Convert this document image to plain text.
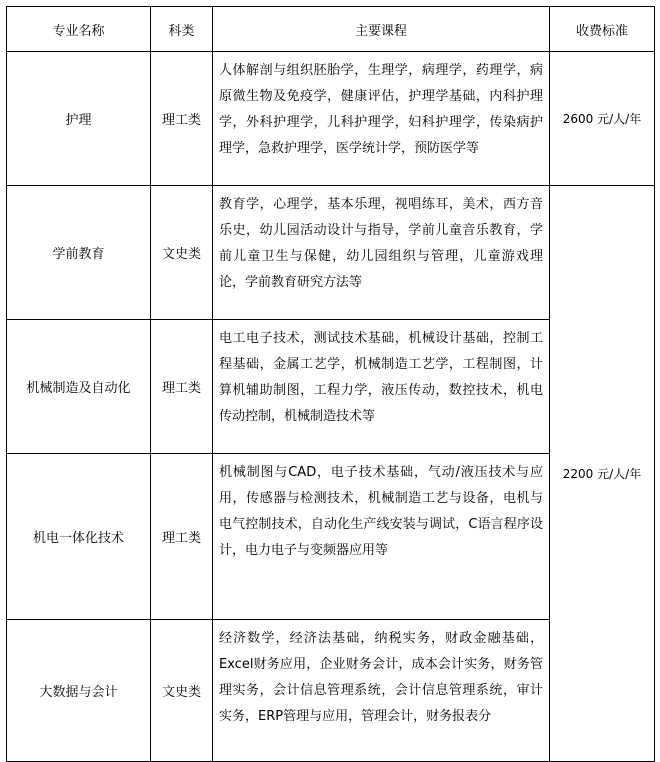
专业名称	科类	主要课程	收费标准
护理	理工类	人体解剖与组织胚胎学，生理学，病理学，药理学，病原微生物及免疫学，健康评估，护理学基础，内科护理学，外科护理学，儿科护理学，妇科护理学，传染病护理学，急救护理学，医学统计学，预防医学等	2600 元/人/年
学前教育	文史类	教育学，心理学，基本乐理，视唱练耳，美术，西方音乐史，幼儿园活动设计与指导，学前儿童音乐教育，学前儿童卫生与保健，幼儿园组织与管理，儿童游戏理论，学前教育研究方法等	2200 元/人/年
机械制造及自动化	理工类	电工电子技术，测试技术基础，机械设计基础，控制工程基础，金属工艺学，机械制造工艺学，工程制图，计算机辅助制图，工程力学，液压传动，数控技术，机电传动控制，机械制造技术等	
机电一体化技术	理工类	机械制图与CAD，电子技术基础，气动/液压技术与应用，传感器与检测技术，机械制造工艺与设备，电机与电气控制技术，自动化生产线安装与调试，C语言程序设计，电力电子与变频器应用等	
大数据与会计	文史类	经济数学，经济法基础，纳税实务，财政金融基础，Excel财务应用，企业财务会计，成本会计实务，财务管理实务，会计信息管理系统，会计信息管理系统，审计实务，ERP管理与应用，管理会计，财务报表分	
